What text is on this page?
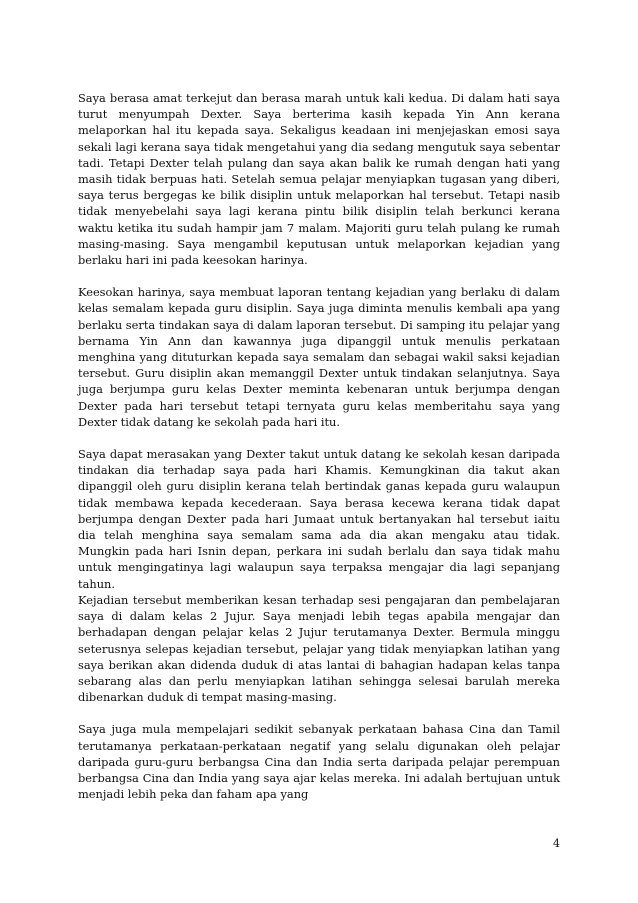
Saya berasa amat terkejut dan berasa marah untuk kali kedua. Di dalam hati saya turut menyumpah Dexter. Saya berterima kasih kepada Yin Ann kerana melaporkan hal itu kepada saya. Sekaligus keadaan ini menjejaskan emosi saya sekali lagi kerana saya tidak mengetahui yang dia sedang mengutuk saya sebentar tadi. Tetapi Dexter telah pulang dan saya akan balik ke rumah dengan hati yang masih tidak berpuas hati. Setelah semua pelajar menyiapkan tugasan yang diberi, saya terus bergegas ke bilik disiplin untuk melaporkan hal tersebut. Tetapi nasib tidak menyebelahi saya lagi kerana pintu bilik disiplin telah berkunci kerana waktu ketika itu sudah hampir jam 7 malam. Majoriti guru telah pulang ke rumah masing-masing. Saya mengambil keputusan untuk melaporkan kejadian yang berlaku hari ini pada keesokan harinya.

Keesokan harinya, saya membuat laporan tentang kejadian yang berlaku di dalam kelas semalam kepada guru disiplin. Saya juga diminta menulis kembali apa yang berlaku serta tindakan saya di dalam laporan tersebut. Di samping itu pelajar yang bernama Yin Ann dan kawannya juga dipanggil untuk menulis perkataan menghina yang dituturkan kepada saya semalam dan sebagai wakil saksi kejadian tersebut. Guru disiplin akan memanggil Dexter untuk tindakan selanjutnya. Saya juga berjumpa guru kelas Dexter meminta kebenaran untuk berjumpa dengan Dexter pada hari tersebut tetapi ternyata guru kelas memberitahu saya yang Dexter tidak datang ke sekolah pada hari itu.

Saya dapat merasakan yang Dexter takut untuk datang ke sekolah kesan daripada tindakan dia terhadap saya pada hari Khamis. Kemungkinan dia takut akan dipanggil oleh guru disiplin kerana telah bertindak ganas kepada guru walaupun tidak membawa kepada kecederaan. Saya berasa kecewa kerana tidak dapat berjumpa dengan Dexter pada hari Jumaat untuk bertanyakan hal tersebut iaitu dia telah menghina saya semalam sama ada dia akan mengaku atau tidak. Mungkin pada hari Isnin depan, perkara ini sudah berlalu dan saya tidak mahu untuk mengingatinya lagi walaupun saya terpaksa mengajar dia lagi sepanjang tahun.

Kejadian tersebut memberikan kesan terhadap sesi pengajaran dan pembelajaran saya di dalam kelas 2 Jujur. Saya menjadi lebih tegas apabila mengajar dan berhadapan dengan pelajar kelas 2 Jujur terutamanya Dexter. Bermula minggu seterusnya selepas kejadian tersebut, pelajar yang tidak menyiapkan latihan yang saya berikan akan didenda duduk di atas lantai di bahagian hadapan kelas tanpa sebarang alas dan perlu menyiapkan latihan sehingga selesai barulah mereka dibenarkan duduk di tempat masing-masing.

Saya juga mula mempelajari sedikit sebanyak perkataan bahasa Cina dan Tamil terutamanya perkataan-perkataan negatif yang selalu digunakan oleh pelajar daripada guru-guru berbangsa Cina dan India serta daripada pelajar perempuan berbangsa Cina dan India yang saya ajar kelas mereka. Ini adalah bertujuan untuk menjadi lebih peka dan faham apa yang

4
